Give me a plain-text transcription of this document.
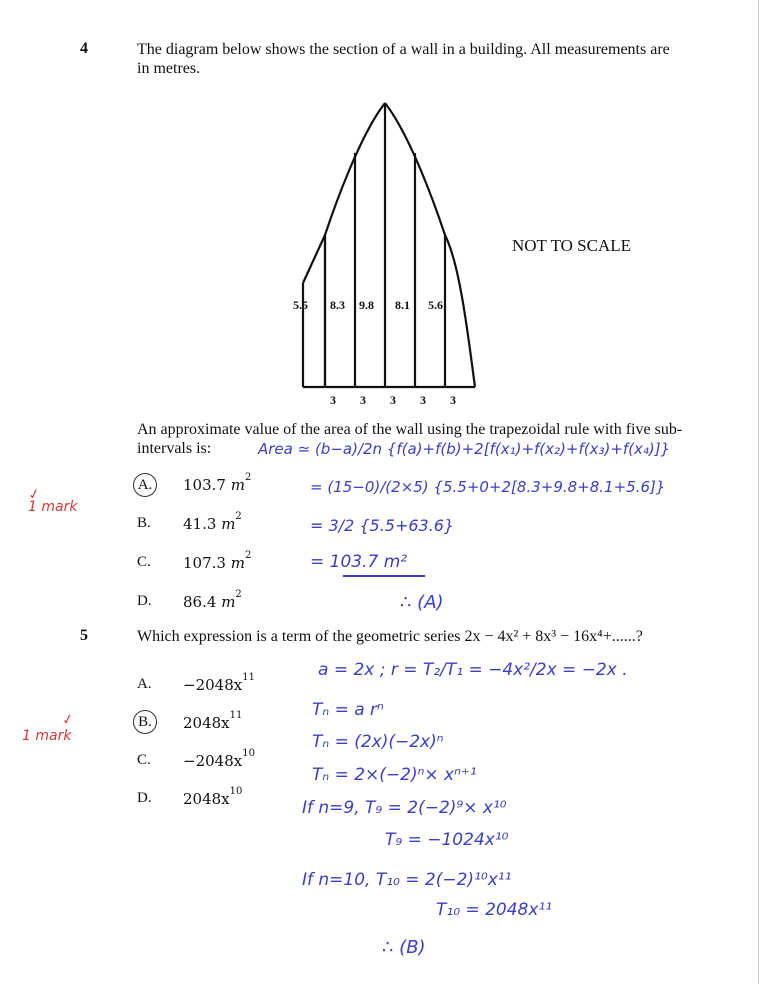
4	The diagram below shows the section of a wall in a building. All measurements are
in metres.
5.5 8.3 9.8 8.1 5.6
3 3 3 3 3
NOT TO SCALE
An approximate value of the area of the wall using the trapezoidal rule with five sub-
intervals is:
✓
1 mark
A.	103.7 $m^2$
B. 41.3 $m^2$
C. 107.3 $m^2$
D. 86.4 $m^2$
Area ≃ (b−a)/2n {f(a)+f(b)+2[f(x₁)+f(x₂)+f(x₃)+f(x₄)]}
= (15−0)/(2×5) {5.5+0+2[8.3+9.8+8.1+5.6]}
= 3/2 {5.5+63.6}
= 103.7 m²
∴ (A)
5	Which expression is a term of the geometric series 2x − 4x² + 8x³ − 16x⁴+......?
A. $-2048x^{11}$
✓
1 mark
B.	$2048x^{11}$
C. $-2048x^{10}$
D. $2048x^{10}$
a = 2x ; r = T₂/T₁ = −4x²/2x = −2x .
Tₙ = a rⁿ
Tₙ = (2x)(−2x)ⁿ
Tₙ = 2×(−2)ⁿ× xⁿ⁺¹
If n=9, T₉ = 2(−2)⁹× x¹⁰
T₉ = −1024x¹⁰
If n=10, T₁₀ = 2(−2)¹⁰x¹¹
T₁₀ = 2048x¹¹
∴ (B)
